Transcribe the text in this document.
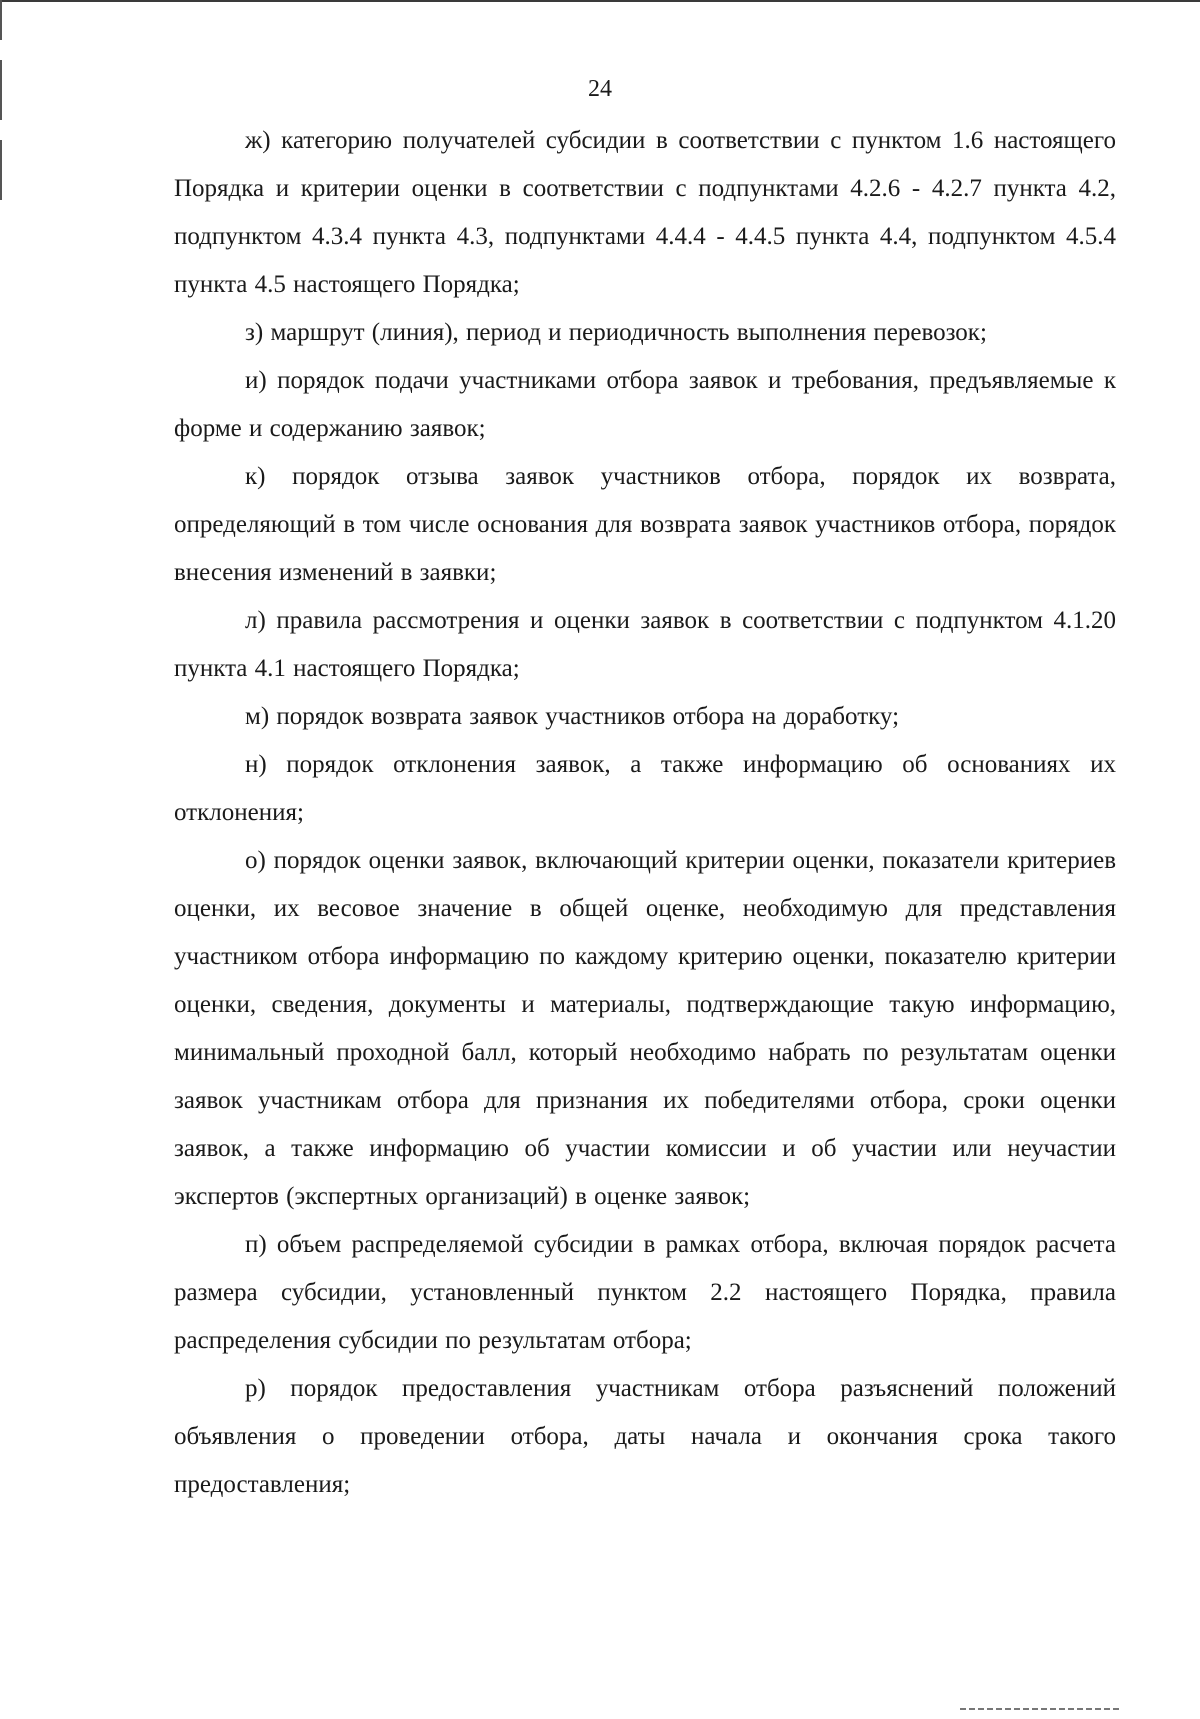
24

ж) категорию получателей субсидии в соответствии с пунктом 1.6 настоящего Порядка и критерии оценки в соответствии с подпунктами 4.2.6 - 4.2.7 пункта 4.2, подпунктом 4.3.4 пункта 4.3, подпунктами 4.4.4 - 4.4.5 пункта 4.4, подпунктом 4.5.4 пункта 4.5 настоящего Порядка;

з) маршрут (линия), период и периодичность выполнения перевозок;

и) порядок подачи участниками отбора заявок и требования, предъявляемые к форме и содержанию заявок;

к) порядок отзыва заявок участников отбора, порядок их возврата, определяющий в том числе основания для возврата заявок участников отбора, порядок внесения изменений в заявки;

л) правила рассмотрения и оценки заявок в соответствии с подпунктом 4.1.20 пункта 4.1 настоящего Порядка;

м) порядок возврата заявок участников отбора на доработку;

н) порядок отклонения заявок, а также информацию об основаниях их отклонения;

о) порядок оценки заявок, включающий критерии оценки, показатели критериев оценки, их весовое значение в общей оценке, необходимую для представления участником отбора информацию по каждому критерию оценки, показателю критерии оценки, сведения, документы и материалы, подтверждающие такую информацию, минимальный проходной балл, который необходимо набрать по результатам оценки заявок участникам отбора для признания их победителями отбора, сроки оценки заявок, а также информацию об участии комиссии и об участии или неучастии экспертов (экспертных организаций) в оценке заявок;

п) объем распределяемой субсидии в рамках отбора, включая порядок расчета размера субсидии, установленный пунктом 2.2 настоящего Порядка, правила распределения субсидии по результатам отбора;

р) порядок предоставления участникам отбора разъяснений положений объявления о проведении отбора, даты начала и окончания срока такого предоставления;
